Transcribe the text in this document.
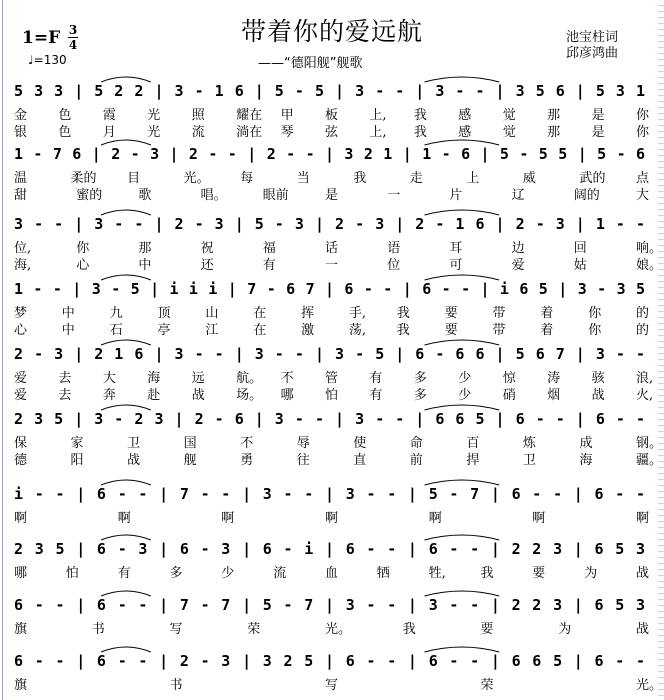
1=F 3
4
♩=130
带着你的爱远航
——“德阳舰”舰歌
池宝柱词
邱彦鸿曲
5 3 3 | 5 2 2 | 3 - 1 6 | 5 - 5 | 3 - - | 3 - - | 3 5 6 | 5 3 1
金 色 霞 光 照 耀在 甲 板 上, 我 感 觉 那 是 你
银 色 月 光 流 淌在 琴 弦 上, 我 感 觉 那 是 你
1 - 7 6 | 2 - 3 | 2 - - | 2 - - | 3 2 1 | 1 - 6 | 5 - 5 5 | 5 - 6
温	柔的 目	光。 每	当	我	走	上	威	武的 点
甜	蜜的	歌	唱。	眼前	是	一	片	辽	阔的	大
3 - - | 3 - - | 2 - 3 | 5 - 3 | 2 - 3 | 2 - 1 6 | 2 - 3 | 1 - -
位,	你	那	祝	福	话	语	耳	边	回	响。
海,	心	中	还	有	一	位	可	爱	姑	娘。
1 - - | 3 - 5 | i i i | 7 - 6 7 | 6 - - | 6 - - | i 6 5 | 3 - 3 5
梦	中	九	顶	山	在	挥	手, 我	要	带	着	你	的
心	中	石	亭	江	在	激	荡, 我	要	带	着	你	的
2 - 3 | 2 1 6 | 3 - - | 3 - - | 3 - 5 | 6 - 6 6 | 5 6 7 | 3 - -
爱 去 大 海 远 航。 不 管 有 多 少 惊 涛 骇 浪,
爱 去 奔 赴 战 场。 哪 怕 有 多 少 硝 烟 战 火,
2 3 5 | 3 - 2 3 | 2 - 6 | 3 - - | 3 - - | 6 6 5 | 6 - - | 6 - -
保	家	卫	国	不	辱	使	命	百	炼	成	钢。
德	阳	战	舰	勇	往	直	前	捍	卫	海	疆。
i - - | 6 - - | 7 - - | 3 - - | 3 - - | 5 - 7 | 6 - - | 6 - -
啊	啊	啊	啊	啊	啊	啊
2 3 5 | 6 - 3 | 6 - 3 | 6 - i | 6 - - | 6 - - | 2 2 3 | 6 5 3
哪	怕	有	多	少	流	血	牺	牲,	我	要	为	战
6 - - | 6 - - | 7 - 7 | 5 - 7 | 3 - - | 3 - - | 2 2 3 | 6 5 3
旗	书	写	荣	光。	我	要	为	战
6 - - | 6 - - | 2 - 3 | 3 2 5 | 6 - - | 6 - - | 6 6 5 | 6 - -
旗	书	写	荣	光。
